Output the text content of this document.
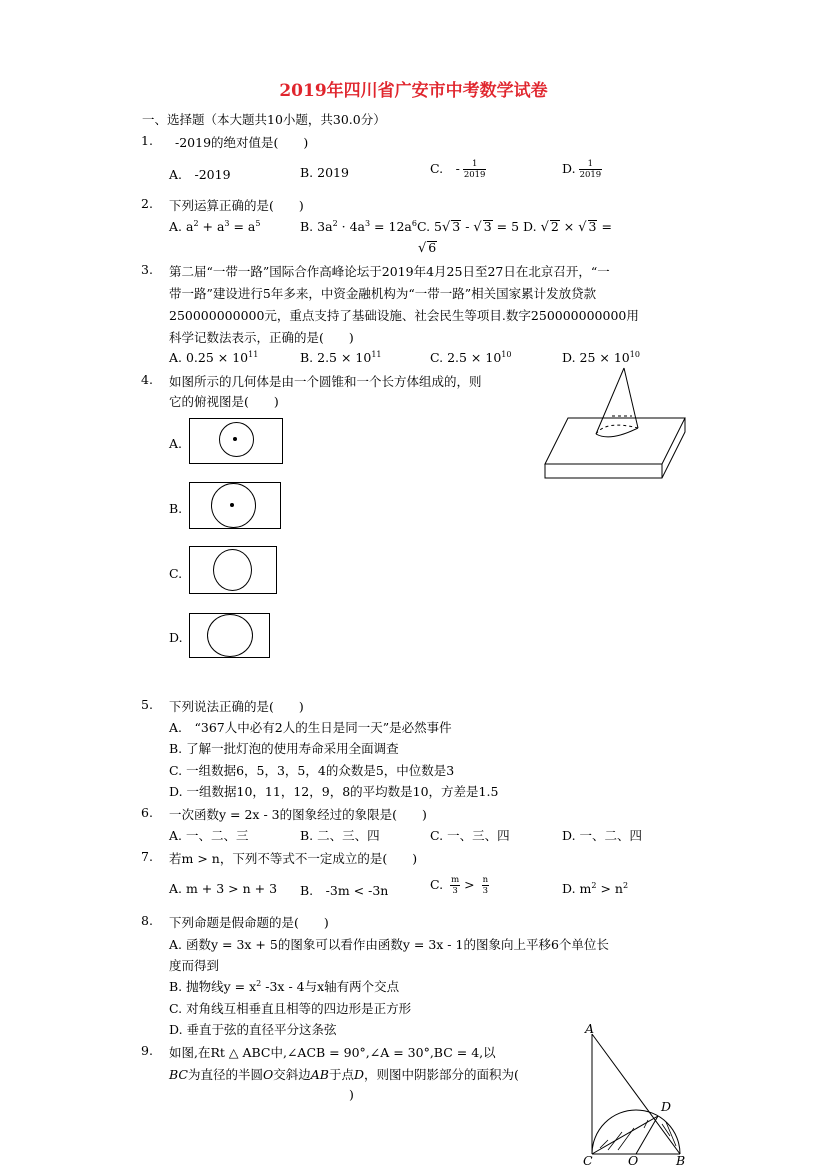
2019年四川省广安市中考数学试卷
一、选择题（本大题共10小题，共30.0分）
1. -2019的绝对值是(　　)
A.　-2019	B. 2019	C.　- $\frac{1}{2019}$	D. $\frac{1}{2019}$
2. 下列运算正确的是(　　)
A. $a^2 + a^3 = a^5$	B. $3a^2 \cdot 4a^3 = 12a^6C$. 5√ 3 - √ 3 = 5 D. √ 2 × √ 3 =
√ 6
3. 第二届“一带一路”国际合作高峰论坛于2019年4月25日至27日在北京召开，“一
带一路”建设进行5年多来，中资金融机构为“一带一路”相关国家累计发放贷款
250000000000元，重点支持了基础设施、社会民生等项目.数字250000000000用
科学记数法表示，正确的是(　　)
A. $0.25 \times 10^{11}$	B. $2.5 \times 10^{11}$	C. $2.5 \times 10^{10}$	D. $25 \times 10^{10}$
4. 如图所示的几何体是由一个圆锥和一个长方体组成的，则
它的俯视图是(　　)
A.
B.
C.
D.
5. 下列说法正确的是(　　)
A.　“367人中必有2人的生日是同一天”是必然事件
B. 了解一批灯泡的使用寿命采用全面调查
C. 一组数据6，5，3，5，4的众数是5，中位数是3
D. 一组数据10，11，12，9，8的平均数是10，方差是1.5
6. 一次函数y = 2x - 3的图象经过的象限是(　　)
A. 一、二、三	B. 二、三、四	C. 一、三、四	D. 一、二、四
7. 若m > n，下列不等式不一定成立的是(　　)
A. m + 3 > n + 3 B.　-3m < -3n	C. $\frac{m}{3} > \frac{n}{3}$	D. $m^2 > n^2$
8. 下列命题是假命题的是(　　)
A. 函数y = 3x + 5的图象可以看作由函数y = 3x - 1的图象向上平移6个单位长
度而得到
B. 抛物线$y = x^2$ -3x - 4与x轴有两个交点
C. 对角线互相垂直且相等的四边形是正方形
D. 垂直于弦的直径平分这条弦
9. 如图,在Rt △ ABC中,∠ACB = 90°,∠A = 30°,BC = 4,以
BC为直径的半圆O交斜边AB于点D，则图中阴影部分的面积为(
)
A
D
C	O	B
